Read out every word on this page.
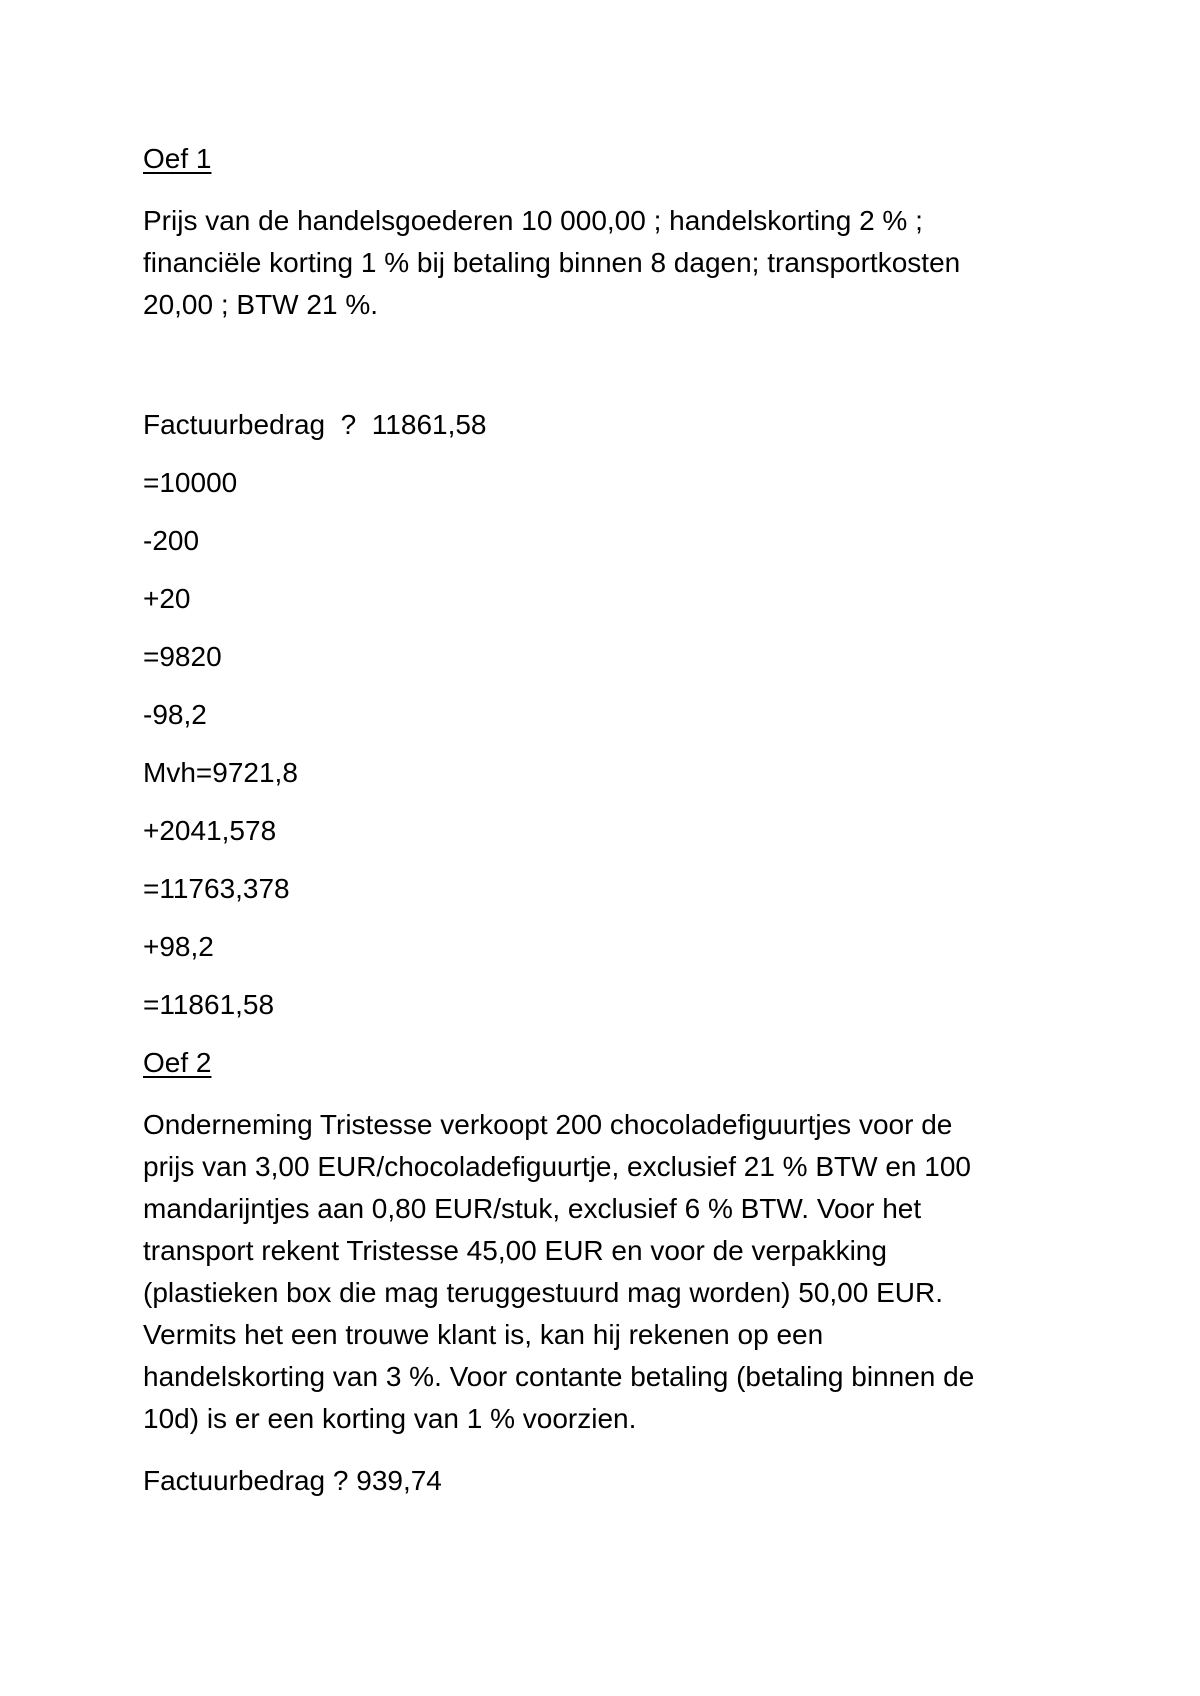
Oef 1
Prijs van de handelsgoederen 10 000,00 ; handelskorting 2 % ;
financiële korting 1 % bij betaling binnen 8 dagen; transportkosten
20,00 ; BTW 21 %.
Factuurbedrag  ?  11861,58
=10000
-200
+20
=9820
-98,2
Mvh=9721,8
+2041,578
=11763,378
+98,2
=11861,58
Oef 2
Onderneming Tristesse verkoopt 200 chocoladefiguurtjes voor de
prijs van 3,00 EUR/chocoladefiguurtje, exclusief 21 % BTW en 100
mandarijntjes aan 0,80 EUR/stuk, exclusief 6 % BTW. Voor het
transport rekent Tristesse 45,00 EUR en voor de verpakking
(plastieken box die mag teruggestuurd mag worden) 50,00 EUR.
Vermits het een trouwe klant is, kan hij rekenen op een
handelskorting van 3 %. Voor contante betaling (betaling binnen de
10d) is er een korting van 1 % voorzien.
Factuurbedrag ? 939,74
